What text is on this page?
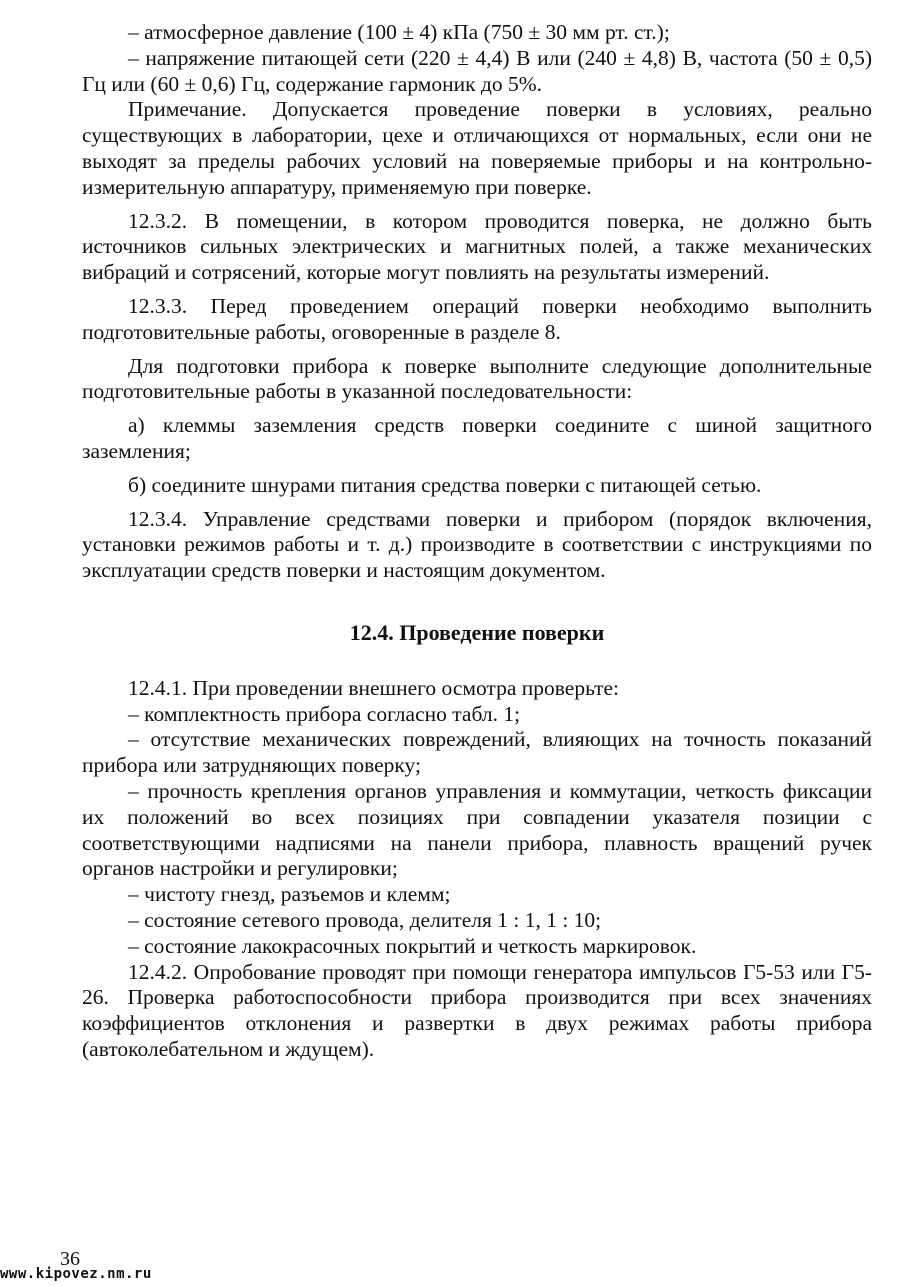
– атмосферное давление (100 ± 4) кПа (750 ± 30 мм рт. ст.);

– напряжение питающей сети (220 ± 4,4) В или (240 ± 4,8) В, частота (50 ± 0,5) Гц или (60 ± 0,6) Гц, содержание гармоник до 5%.

Примечание. Допускается проведение поверки в условиях, реально существующих в лаборатории, цехе и отличающихся от нормальных, если они не выходят за пределы рабочих условий на поверяемые приборы и на контрольно-измерительную аппаратуру, применяемую при поверке.

12.3.2. В помещении, в котором проводится поверка, не должно быть источников сильных электрических и магнитных полей, а также механических вибраций и сотрясений, которые могут повлиять на результаты измерений.

12.3.3. Перед проведением операций поверки необходимо выполнить подготовительные работы, оговоренные в разделе 8.

Для подготовки прибора к поверке выполните следующие дополнительные подготовительные работы в указанной последовательности:

а) клеммы заземления средств поверки соедините с шиной защитного заземления;

б) соедините шнурами питания средства поверки с питающей сетью.

12.3.4. Управление средствами поверки и прибором (порядок включения, установки режимов работы и т. д.) производите в соответствии с инструкциями по эксплуатации средств поверки и настоящим документом.

12.4. Проведение поверки

12.4.1. При проведении внешнего осмотра проверьте:

– комплектность прибора согласно табл. 1;

– отсутствие механических повреждений, влияющих на точность показаний прибора или затрудняющих поверку;

– прочность крепления органов управления и коммутации, четкость фиксации их положений во всех позициях при совпадении указателя позиции с соответствующими надписями на панели прибора, плавность вращений ручек органов настройки и регулировки;

– чистоту гнезд, разъемов и клемм;

– состояние сетевого провода, делителя 1 : 1, 1 : 10;

– состояние лакокрасочных покрытий и четкость маркировок.

12.4.2. Опробование проводят при помощи генератора импульсов Г5-53 или Г5-26. Проверка работоспособности прибора производится при всех значениях коэффициентов отклонения и развертки в двух режимах работы прибора (автоколебательном и ждущем).

36
www.kipovez.nm.ru
